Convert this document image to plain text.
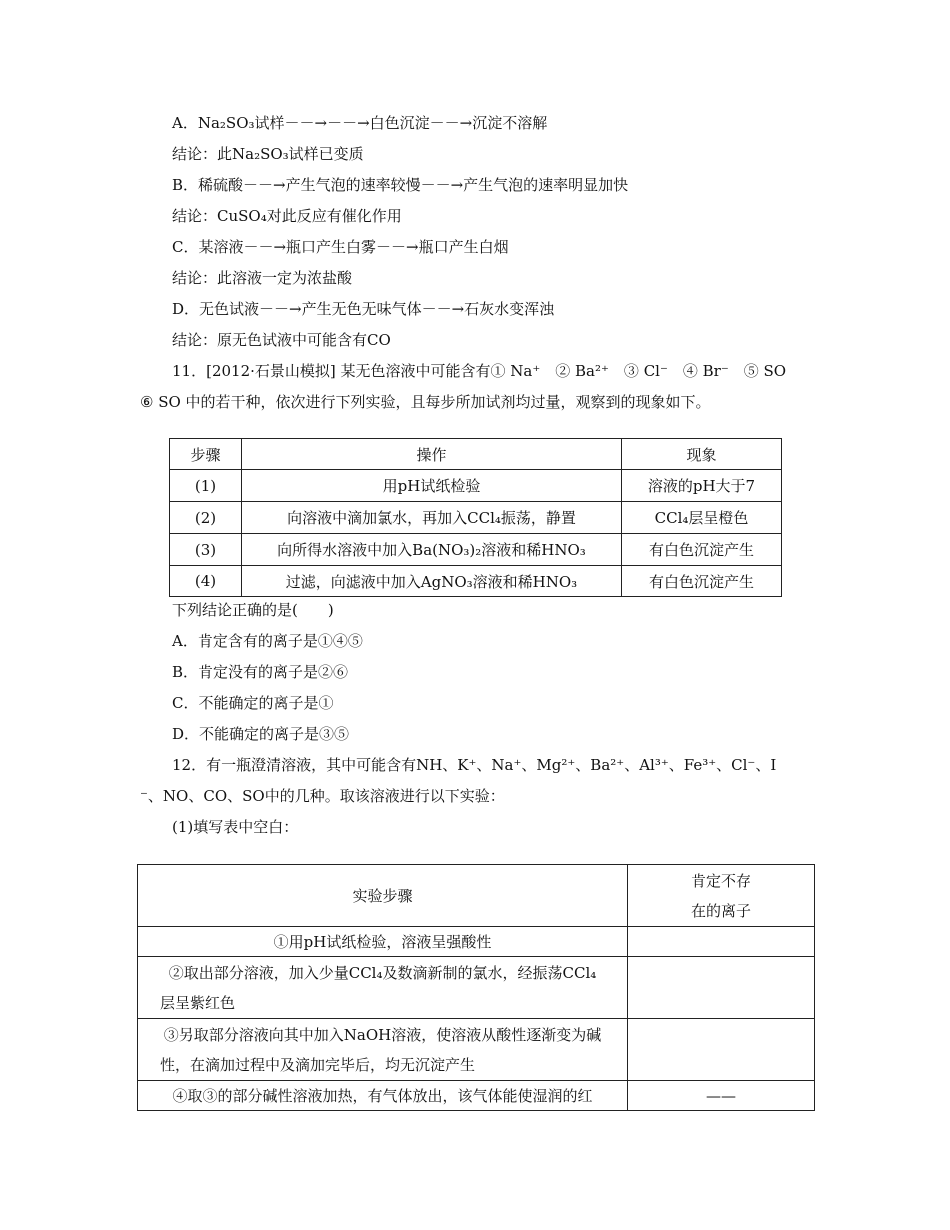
A．Na₂SO₃试样－－→－－→白色沉淀－－→沉淀不溶解
结论：此Na₂SO₃试样已变质
B．稀硫酸－－→产生气泡的速率较慢－－→产生气泡的速率明显加快
结论：CuSO₄对此反应有催化作用
C．某溶液－－→瓶口产生白雾－－→瓶口产生白烟
结论：此溶液一定为浓盐酸
D．无色试液－－→产生无色无味气体－－→石灰水变浑浊
结论：原无色试液中可能含有CO
11．[2012·石景山模拟] 某无色溶液中可能含有① Na⁺　② Ba²⁺　③ Cl⁻　④ Br⁻　⑤ SO
⑥ SO 中的若干种，依次进行下列实验，且每步所加试剂均过量，观察到的现象如下。
步骤	操作	现象
(1)	用pH试纸检验	溶液的pH大于7
(2)	向溶液中滴加氯水，再加入CCl₄振荡，静置	CCl₄层呈橙色
(3)	向所得水溶液中加入Ba(NO₃)₂溶液和稀HNO₃	有白色沉淀产生
(4)	过滤，向滤液中加入AgNO₃溶液和稀HNO₃	有白色沉淀产生
下列结论正确的是(　　)
A．肯定含有的离子是①④⑤
B．肯定没有的离子是②⑥
C．不能确定的离子是①
D．不能确定的离子是③⑤
12．有一瓶澄清溶液，其中可能含有NH、K⁺、Na⁺、Mg²⁺、Ba²⁺、Al³⁺、Fe³⁺、Cl⁻、I
⁻、NO、CO、SO中的几种。取该溶液进行以下实验：
(1)填写表中空白：
实验步骤	肯定不存
在的离子

①用pH试纸检验，溶液呈强酸性	

②取出部分溶液，加入少量CCl₄及数滴新制的氯水，经振荡CCl₄
层呈紫红色	

③另取部分溶液向其中加入NaOH溶液，使溶液从酸性逐渐变为碱
性，在滴加过程中及滴加完毕后，均无沉淀产生	

④取③的部分碱性溶液加热，有气体放出，该气体能使湿润的红	——
